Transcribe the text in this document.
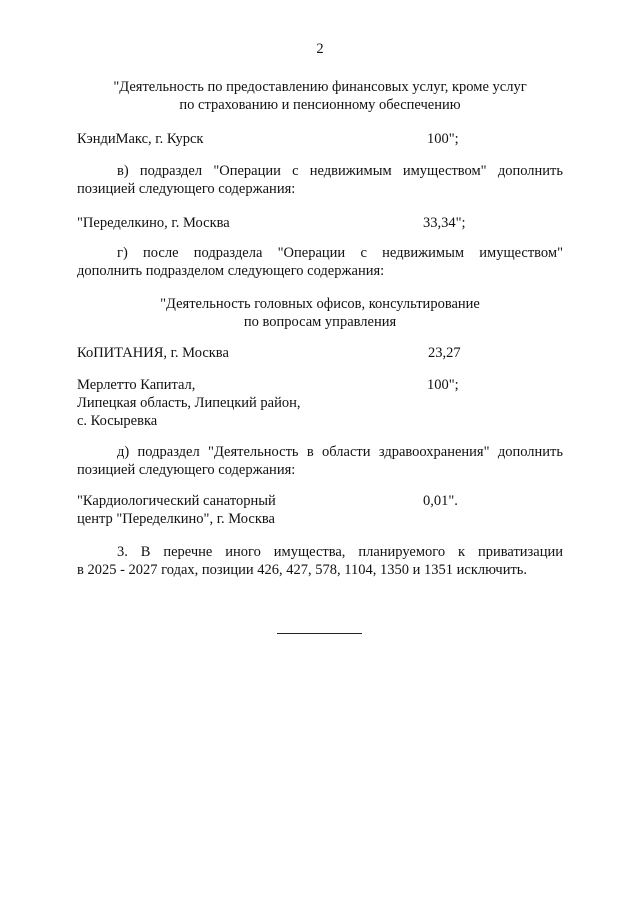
2
"Деятельность по предоставлению финансовых услуг, кроме услуг
по страхованию и пенсионному обеспечению
КэндиМакс, г. Курск	100";
в) подраздел "Операции с недвижимым имуществом" дополнить
позицией следующего содержания:
"Переделкино, г. Москва	33,34";
г) после подраздела "Операции с недвижимым имуществом"
дополнить подразделом следующего содержания:
"Деятельность головных офисов, консультирование
по вопросам управления
КоПИТАНИЯ, г. Москва	23,27
Мерлетто Капитал,
Липецкая область, Липецкий район,
с. Косыревка
100";
д) подраздел "Деятельность в области здравоохранения" дополнить
позицией следующего содержания:
"Кардиологический санаторный
центр "Переделкино", г. Москва
0,01".
3. В перечне иного имущества, планируемого к приватизации
в 2025 - 2027 годах, позиции 426, 427, 578, 1104, 1350 и 1351 исключить.
